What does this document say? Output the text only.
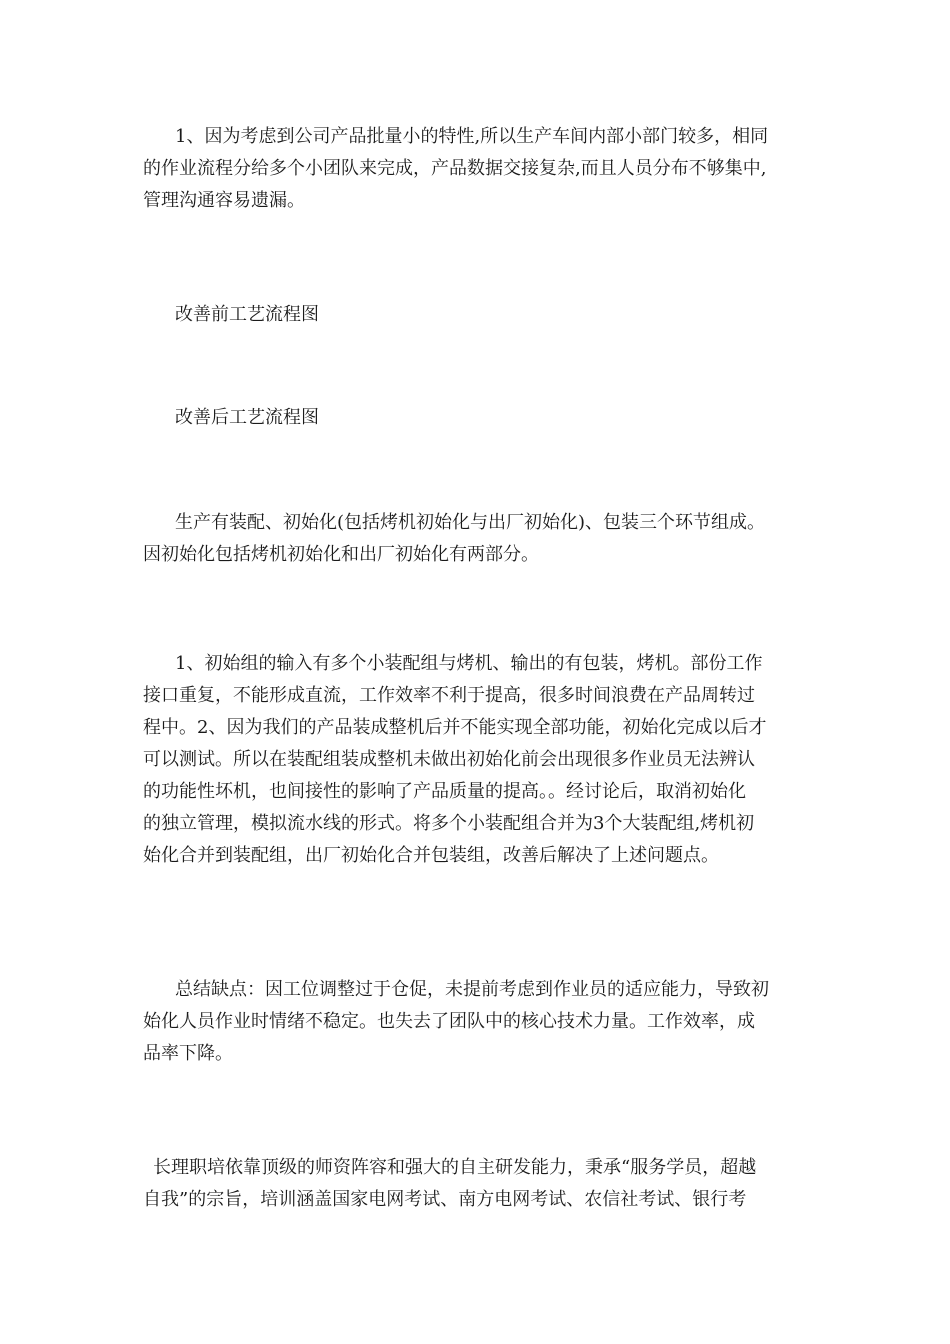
1、因为考虑到公司产品批量小的特性,所以生产车间内部小部门较多，相同
的作业流程分给多个小团队来完成，产品数据交接复杂,而且人员分布不够集中,
管理沟通容易遗漏。
改善前工艺流程图
改善后工艺流程图
生产有装配、初始化(包括烤机初始化与出厂初始化)、包装三个环节组成。
因初始化包括烤机初始化和出厂初始化有两部分。
1、初始组的输入有多个小装配组与烤机、输出的有包装，烤机。部份工作
接口重复，不能形成直流，工作效率不利于提高，很多时间浪费在产品周转过
程中。2、因为我们的产品装成整机后并不能实现全部功能，初始化完成以后才
可以测试。所以在装配组装成整机未做出初始化前会出现很多作业员无法辨认
的功能性坏机，也间接性的影响了产品质量的提高。。经讨论后，取消初始化
的独立管理，模拟流水线的形式。将多个小装配组合并为3个大装配组,烤机初
始化合并到装配组，出厂初始化合并包装组，改善后解决了上述问题点。
总结缺点：因工位调整过于仓促，未提前考虑到作业员的适应能力，导致初
始化人员作业时情绪不稳定。也失去了团队中的核心技术力量。工作效率，成
品率下降。
长理职培依靠顶级的师资阵容和强大的自主研发能力，秉承“服务学员，超越
自我”的宗旨，培训涵盖国家电网考试、南方电网考试、农信社考试、银行考
